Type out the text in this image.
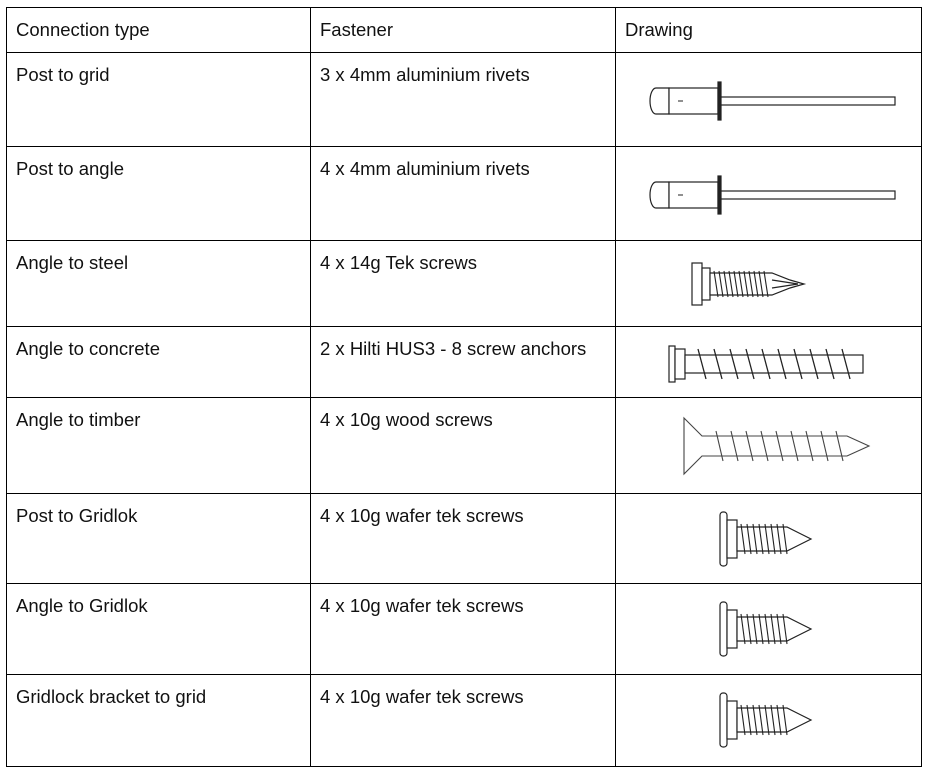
Connection type	Fastener	Drawing

Post to grid	3 x 4mm aluminium rivets

Post to angle	4 x 4mm aluminium rivets

Angle to steel	4 x 14g Tek screws

Angle to concrete	2 x Hilti HUS3 - 8 screw anchors

Angle to timber	4 x 10g wood screws

Post to Gridlok	4 x 10g wafer tek screws

Angle to Gridlok	4 x 10g wafer tek screws

Gridlock bracket to grid	4 x 10g wafer tek screws
